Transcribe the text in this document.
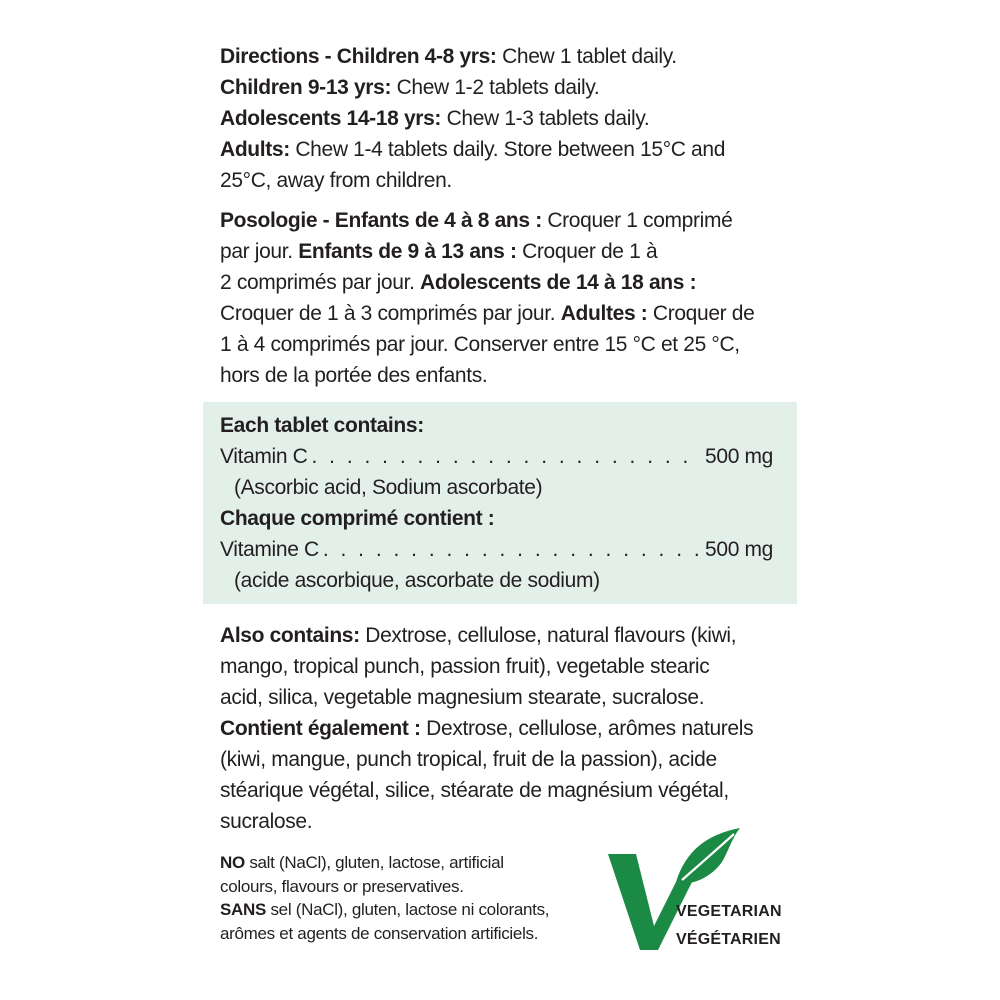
Directions - Children 4-8 yrs: Chew 1 tablet daily.
Children 9-13 yrs: Chew 1-2 tablets daily.
Adolescents 14-18 yrs: Chew 1-3 tablets daily.
Adults: Chew 1-4 tablets daily. Store between 15°C and
25°C, away from children.
Posologie - Enfants de 4 à 8 ans : Croquer 1 comprimé
par jour. Enfants de 9 à 13 ans : Croquer de 1 à
2 comprimés par jour. Adolescents de 14 à 18 ans :
Croquer de 1 à 3 comprimés par jour. Adultes : Croquer de
1 à 4 comprimés par jour. Conserver entre 15 °C et 25 °C,
hors de la portée des enfants.
Each tablet contains:
Vitamin C . . .	500 mg
(Ascorbic acid, Sodium ascorbate)
Chaque comprimé contient :
Vitamine C . . .	500 mg
(acide ascorbique, ascorbate de sodium)
Also contains: Dextrose, cellulose, natural flavours (kiwi,
mango, tropical punch, passion fruit), vegetable stearic
acid, silica, vegetable magnesium stearate, sucralose.
Contient également : Dextrose, cellulose, arômes naturels
(kiwi, mangue, punch tropical, fruit de la passion), acide
stéarique végétal, silice, stéarate de magnésium végétal,
sucralose.
NO salt (NaCl), gluten, lactose, artificial
colours, flavours or preservatives.
SANS sel (NaCl), gluten, lactose ni colorants,
arômes et agents de conservation artificiels.
VEGETARIAN
VÉGÉTARIEN
